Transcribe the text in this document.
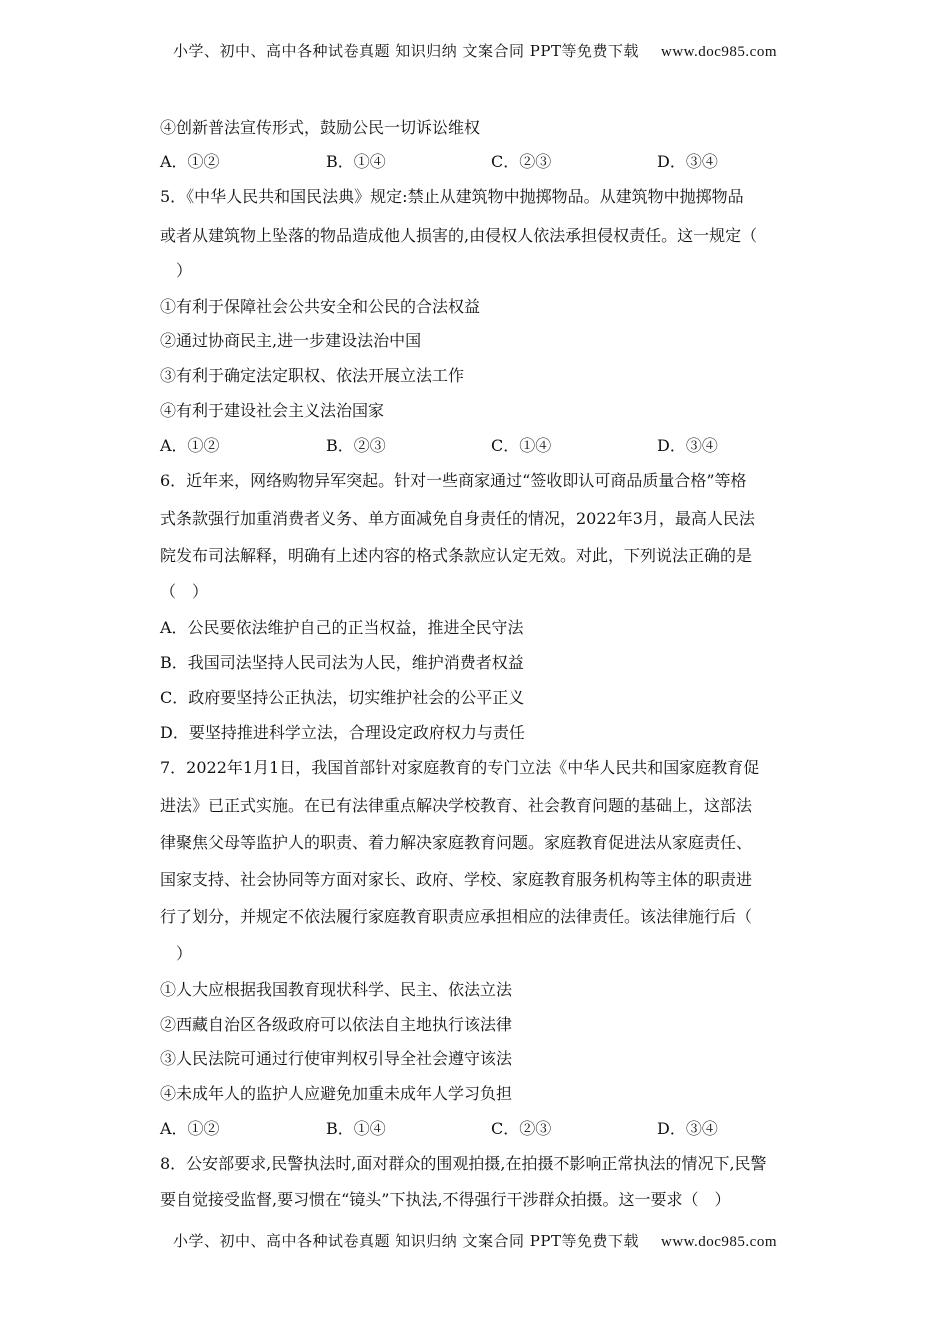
小学、初中、高中各种试卷真题 知识归纳 文案合同 PPT等免费下载 www.doc985.com
④创新普法宣传形式，鼓励公民一切诉讼维权
A．①②	B．①④	C．②③	D．③④
5．《中华人民共和国民法典》规定:禁止从建筑物中抛掷物品。从建筑物中抛掷物品
或者从建筑物上坠落的物品造成他人损害的,由侵权人依法承担侵权责任。这一规定（
　）
①有利于保障社会公共安全和公民的合法权益
②通过协商民主,进一步建设法治中国
③有利于确定法定职权、依法开展立法工作
④有利于建设社会主义法治国家
A．①②	B．②③	C．①④	D．③④
6．近年来，网络购物异军突起。针对一些商家通过“签收即认可商品质量合格”等格
式条款强行加重消费者义务、单方面减免自身责任的情况，2022年3月，最高人民法
院发布司法解释，明确有上述内容的格式条款应认定无效。对此，下列说法正确的是
（　）
A．公民要依法维护自己的正当权益，推进全民守法
B．我国司法坚持人民司法为人民，维护消费者权益
C．政府要坚持公正执法，切实维护社会的公平正义
D．要坚持推进科学立法，合理设定政府权力与责任
7．2022年1月1日，我国首部针对家庭教育的专门立法《中华人民共和国家庭教育促
进法》已正式实施。在已有法律重点解决学校教育、社会教育问题的基础上，这部法
律聚焦父母等监护人的职责、着力解决家庭教育问题。家庭教育促进法从家庭责任、
国家支持、社会协同等方面对家长、政府、学校、家庭教育服务机构等主体的职责进
行了划分，并规定不依法履行家庭教育职责应承担相应的法律责任。该法律施行后（
　）
①人大应根据我国教育现状科学、民主、依法立法
②西藏自治区各级政府可以依法自主地执行该法律
③人民法院可通过行使审判权引导全社会遵守该法
④未成年人的监护人应避免加重未成年人学习负担
A．①②	B．①④	C．②③	D．③④
8．公安部要求,民警执法时,面对群众的围观拍摄,在拍摄不影响正常执法的情况下,民警
要自觉接受监督,要习惯在“镜头”下执法,不得强行干涉群众拍摄。这一要求（　）
小学、初中、高中各种试卷真题 知识归纳 文案合同 PPT等免费下载 www.doc985.com
